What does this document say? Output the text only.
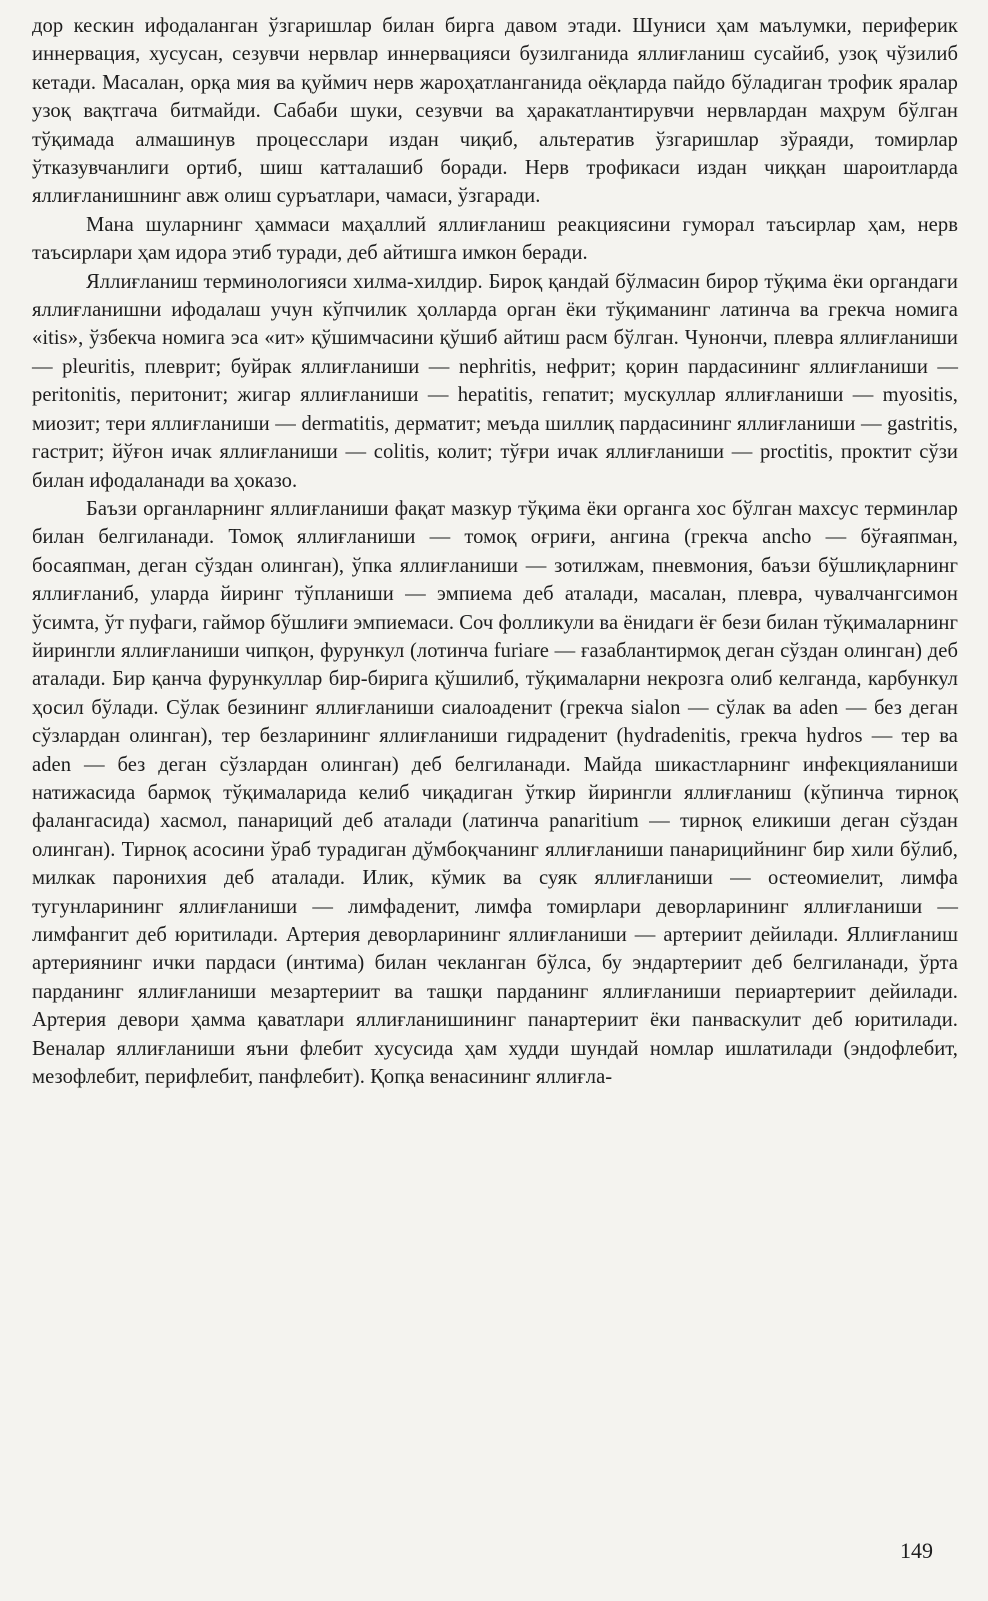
дор кескин ифодаланган ўзгаришлар билан бирга давом этади. Шуниси ҳам маълумки, периферик иннервация, хусусан, сезувчи нервлар иннервацияси бузилганида яллиғланиш сусайиб, узоқ чўзилиб кетади. Масалан, орқа мия ва қуймич нерв жароҳатланганида оёқларда пайдо бўладиган трофик яралар узоқ вақтгача битмайди. Сабаби шуки, сезувчи ва ҳаракатлантирувчи нервлардан маҳрум бўлган тўқимада алмашинув процесслари издан чиқиб, альтератив ўзгаришлар зўраяди, томирлар ўтказувчанлиги ортиб, шиш катталашиб боради. Нерв трофикаси издан чиққан шароитларда яллиғланишнинг авж олиш суръатлари, чамаси, ўзгаради.

Мана шуларнинг ҳаммаси маҳаллий яллиғланиш реакциясини гуморал таъсирлар ҳам, нерв таъсирлари ҳам идора этиб туради, деб айтишга имкон беради.

Яллиғланиш терминологияси хилма-хилдир. Бироқ қандай бўлмасин бирор тўқима ёки органдаги яллиғланишни ифодалаш учун кўпчилик ҳолларда орган ёки тўқиманинг латинча ва грекча номига «itis», ўзбекча номига эса «ит» қўшимчасини қўшиб айтиш расм бўлган. Чунончи, плевра яллиғланиши — pleuritis, плеврит; буйрак яллиғланиши — nephritis, нефрит; қорин пардасининг яллиғланиши — peritonitis, перитонит; жигар яллиғланиши — hepatitis, гепатит; мускуллар яллиғланиши — myositis, миозит; тери яллиғланиши — dermatitis, дерматит; меъда шиллиқ пардасининг яллиғланиши — gastritis, гастрит; йўғон ичак яллиғланиши — colitis, колит; тўғри ичак яллиғланиши — proctitis, проктит сўзи билан ифодаланади ва ҳоказо.

Баъзи органларнинг яллиғланиши фақат мазкур тўқима ёки органга хос бўлган махсус терминлар билан белгиланади. Томоқ яллиғланиши — томоқ оғриғи, ангина (грекча ancho — бўғаяпман, босаяпман, деган сўздан олинган), ўпка яллиғланиши — зотилжам, пневмония, баъзи бўшлиқларнинг яллиғланиб, уларда йиринг тўпланиши — эмпиема деб аталади, масалан, плевра, чувалчангсимон ўсимта, ўт пуфаги, гаймор бўшлиғи эмпиемаси. Соч фолликули ва ёнидаги ёғ бези билан тўқималарнинг йирингли яллиғланиши чипқон, фурункул (лотинча furiare — ғазаблантирмоқ деган сўздан олинган) деб аталади. Бир қанча фурункуллар бир-бирига қўшилиб, тўқималарни некрозга олиб келганда, карбункул ҳосил бўлади. Сўлак безининг яллиғланиши сиалоаденит (грекча sialon — сўлак ва aden — без деган сўзлардан олинган), тер безларининг яллиғланиши гидраденит (hydradenitis, грекча hydros — тер ва aden — без деган сўзлардан олинган) деб белгиланади. Майда шикастларнинг инфекцияланиши натижасида бармоқ тўқималарида келиб чиқадиган ўткир йирингли яллиғланиш (кўпинча тирноқ фалангасида) хасмол, панариций деб аталади (латинча panaritium — тирноқ еликиши деган сўздан олинган). Тирноқ асосини ўраб турадиган дўмбоқчанинг яллиғланиши панарицийнинг бир хили бўлиб, милкак паронихия деб аталади. Илик, кўмик ва суяк яллиғланиши — остеомиелит, лимфа тугунларининг яллиғланиши — лимфаденит, лимфа томирлари деворларининг яллиғланиши — лимфангит деб юритилади. Артерия деворларининг яллиғланиши — артериит дейилади. Яллиғланиш артериянинг ички пардаси (интима) билан чекланган бўлса, бу эндартериит деб белгиланади, ўрта парданинг яллиғланиши мезартериит ва ташқи парданинг яллиғланиши периартериит дейилади. Артерия девори ҳамма қаватлари яллиғланишининг панартериит ёки панваскулит деб юритилади. Веналар яллиғланиши яъни флебит хусусида ҳам худди шундай номлар ишлатилади (эндофлебит, мезофлебит, перифлебит, панфлебит). Қопқа венасининг яллиғла-

149
